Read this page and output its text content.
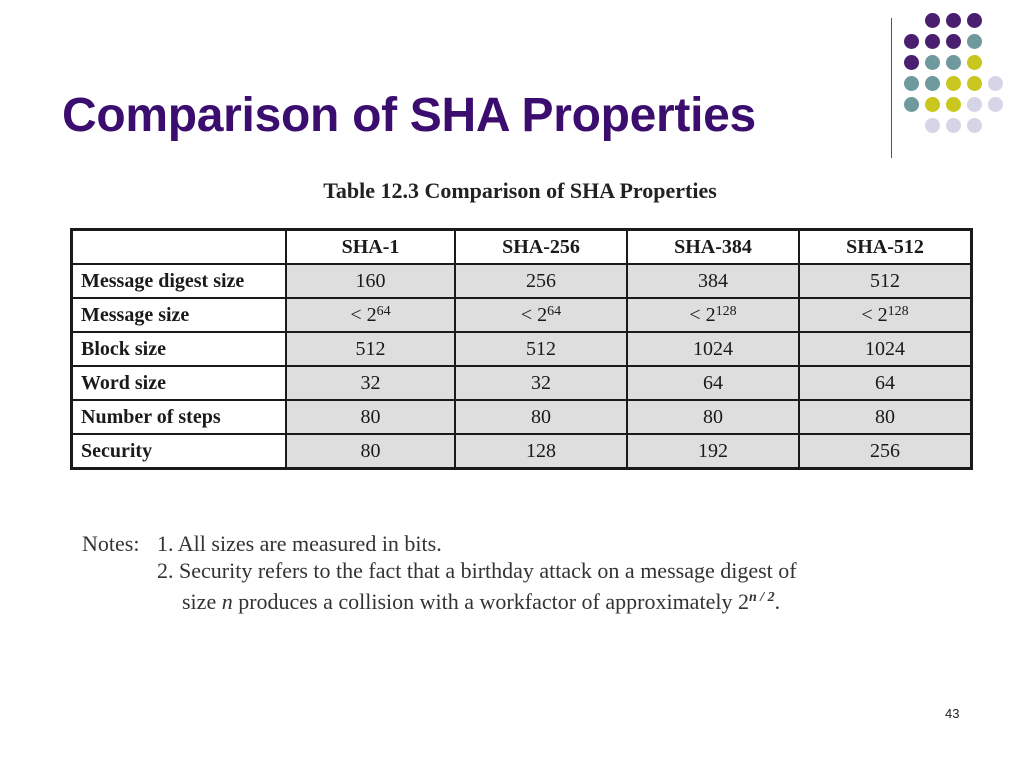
Comparison of SHA Properties
Table 12.3 Comparison of SHA Properties
	SHA-1	SHA-256	SHA-384	SHA-512
Message digest size	160	256	384	512
Message size	< $2^{64}$	< $2^{64}$	< $2^{128}$	< $2^{128}$
Block size	512	512	1024	1024
Word size	32	32	64	64
Number of steps	80	80	80	80
Security	80	128	192	256
Notes: 1. All sizes are measured in bits.
2. Security refers to the fact that a birthday attack on a message digest of
size n produces a collision with a workfactor of approximately $2^{n / 2}$.
43
